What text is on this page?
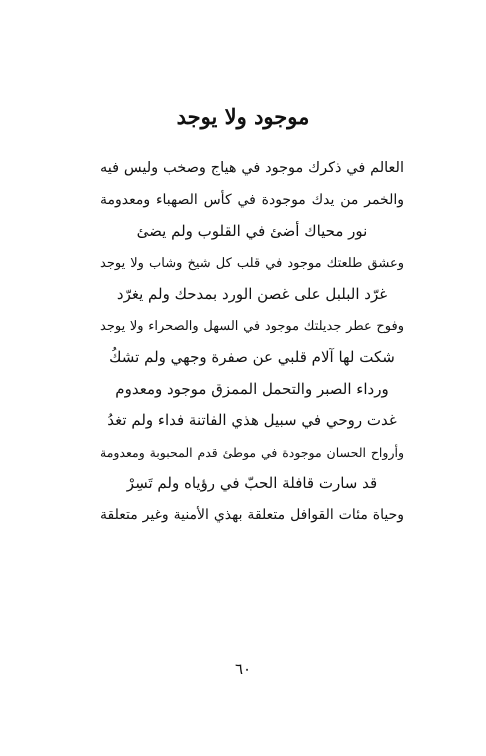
موجود ولا يوجد
العالم في ذكرك موجود في هياج وصخب وليس فيه
والخمر من يدك موجودة في كأس الصهباء ومعدومة
نور محياك أضئ في القلوب ولم يضئ
وعشق طلعتك موجود في قلب كل شيخ وشاب ولا يوجد
غرّد البلبل على غصن الورد بمدحك ولم يغرّد
وفوح عطر جديلتك موجود في السهل والصحراء ولا يوجد
شكت لها آلام قلبي عن صفرة وجهي ولم تشكُ
ورداء الصبر والتحمل الممزق موجود ومعدوم
غدت روحي في سبيل هذي الفاتنة فداء ولم تغدُ
وأرواح الحسان موجودة في موطئ قدم المحبوبة ومعدومة
قد سارت قافلة الحبّ في رؤياه ولم تَسِرْ
وحياة مئات القوافل متعلقة بهذي الأمنية وغير متعلقة
٦٠
